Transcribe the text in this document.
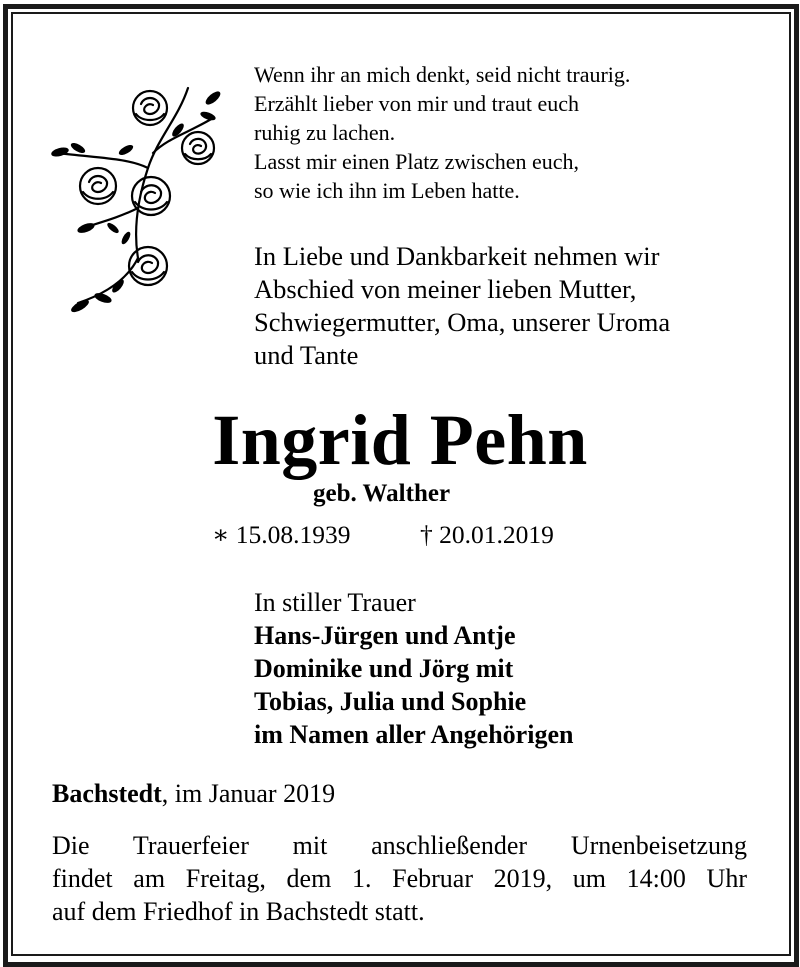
Wenn ihr an mich denkt, seid nicht traurig.
Erzählt lieber von mir und traut euch
ruhig zu lachen.
Lasst mir einen Platz zwischen euch,
so wie ich ihn im Leben hatte.
In Liebe und Dankbarkeit nehmen wir
Abschied von meiner lieben Mutter,
Schwiegermutter, Oma, unserer Uroma
und Tante
Ingrid Pehn
geb. Walther
∗ 15.08.1939	† 20.01.2019
In stiller Trauer
Hans-Jürgen und Antje
Dominike und Jörg mit
Tobias, Julia und Sophie
im Namen aller Angehörigen
Bachstedt, im Januar 2019
Die Trauerfeier mit anschließender Urnenbeisetzung
findet am Freitag, dem 1. Februar 2019, um 14:00 Uhr
auf dem Friedhof in Bachstedt statt.
